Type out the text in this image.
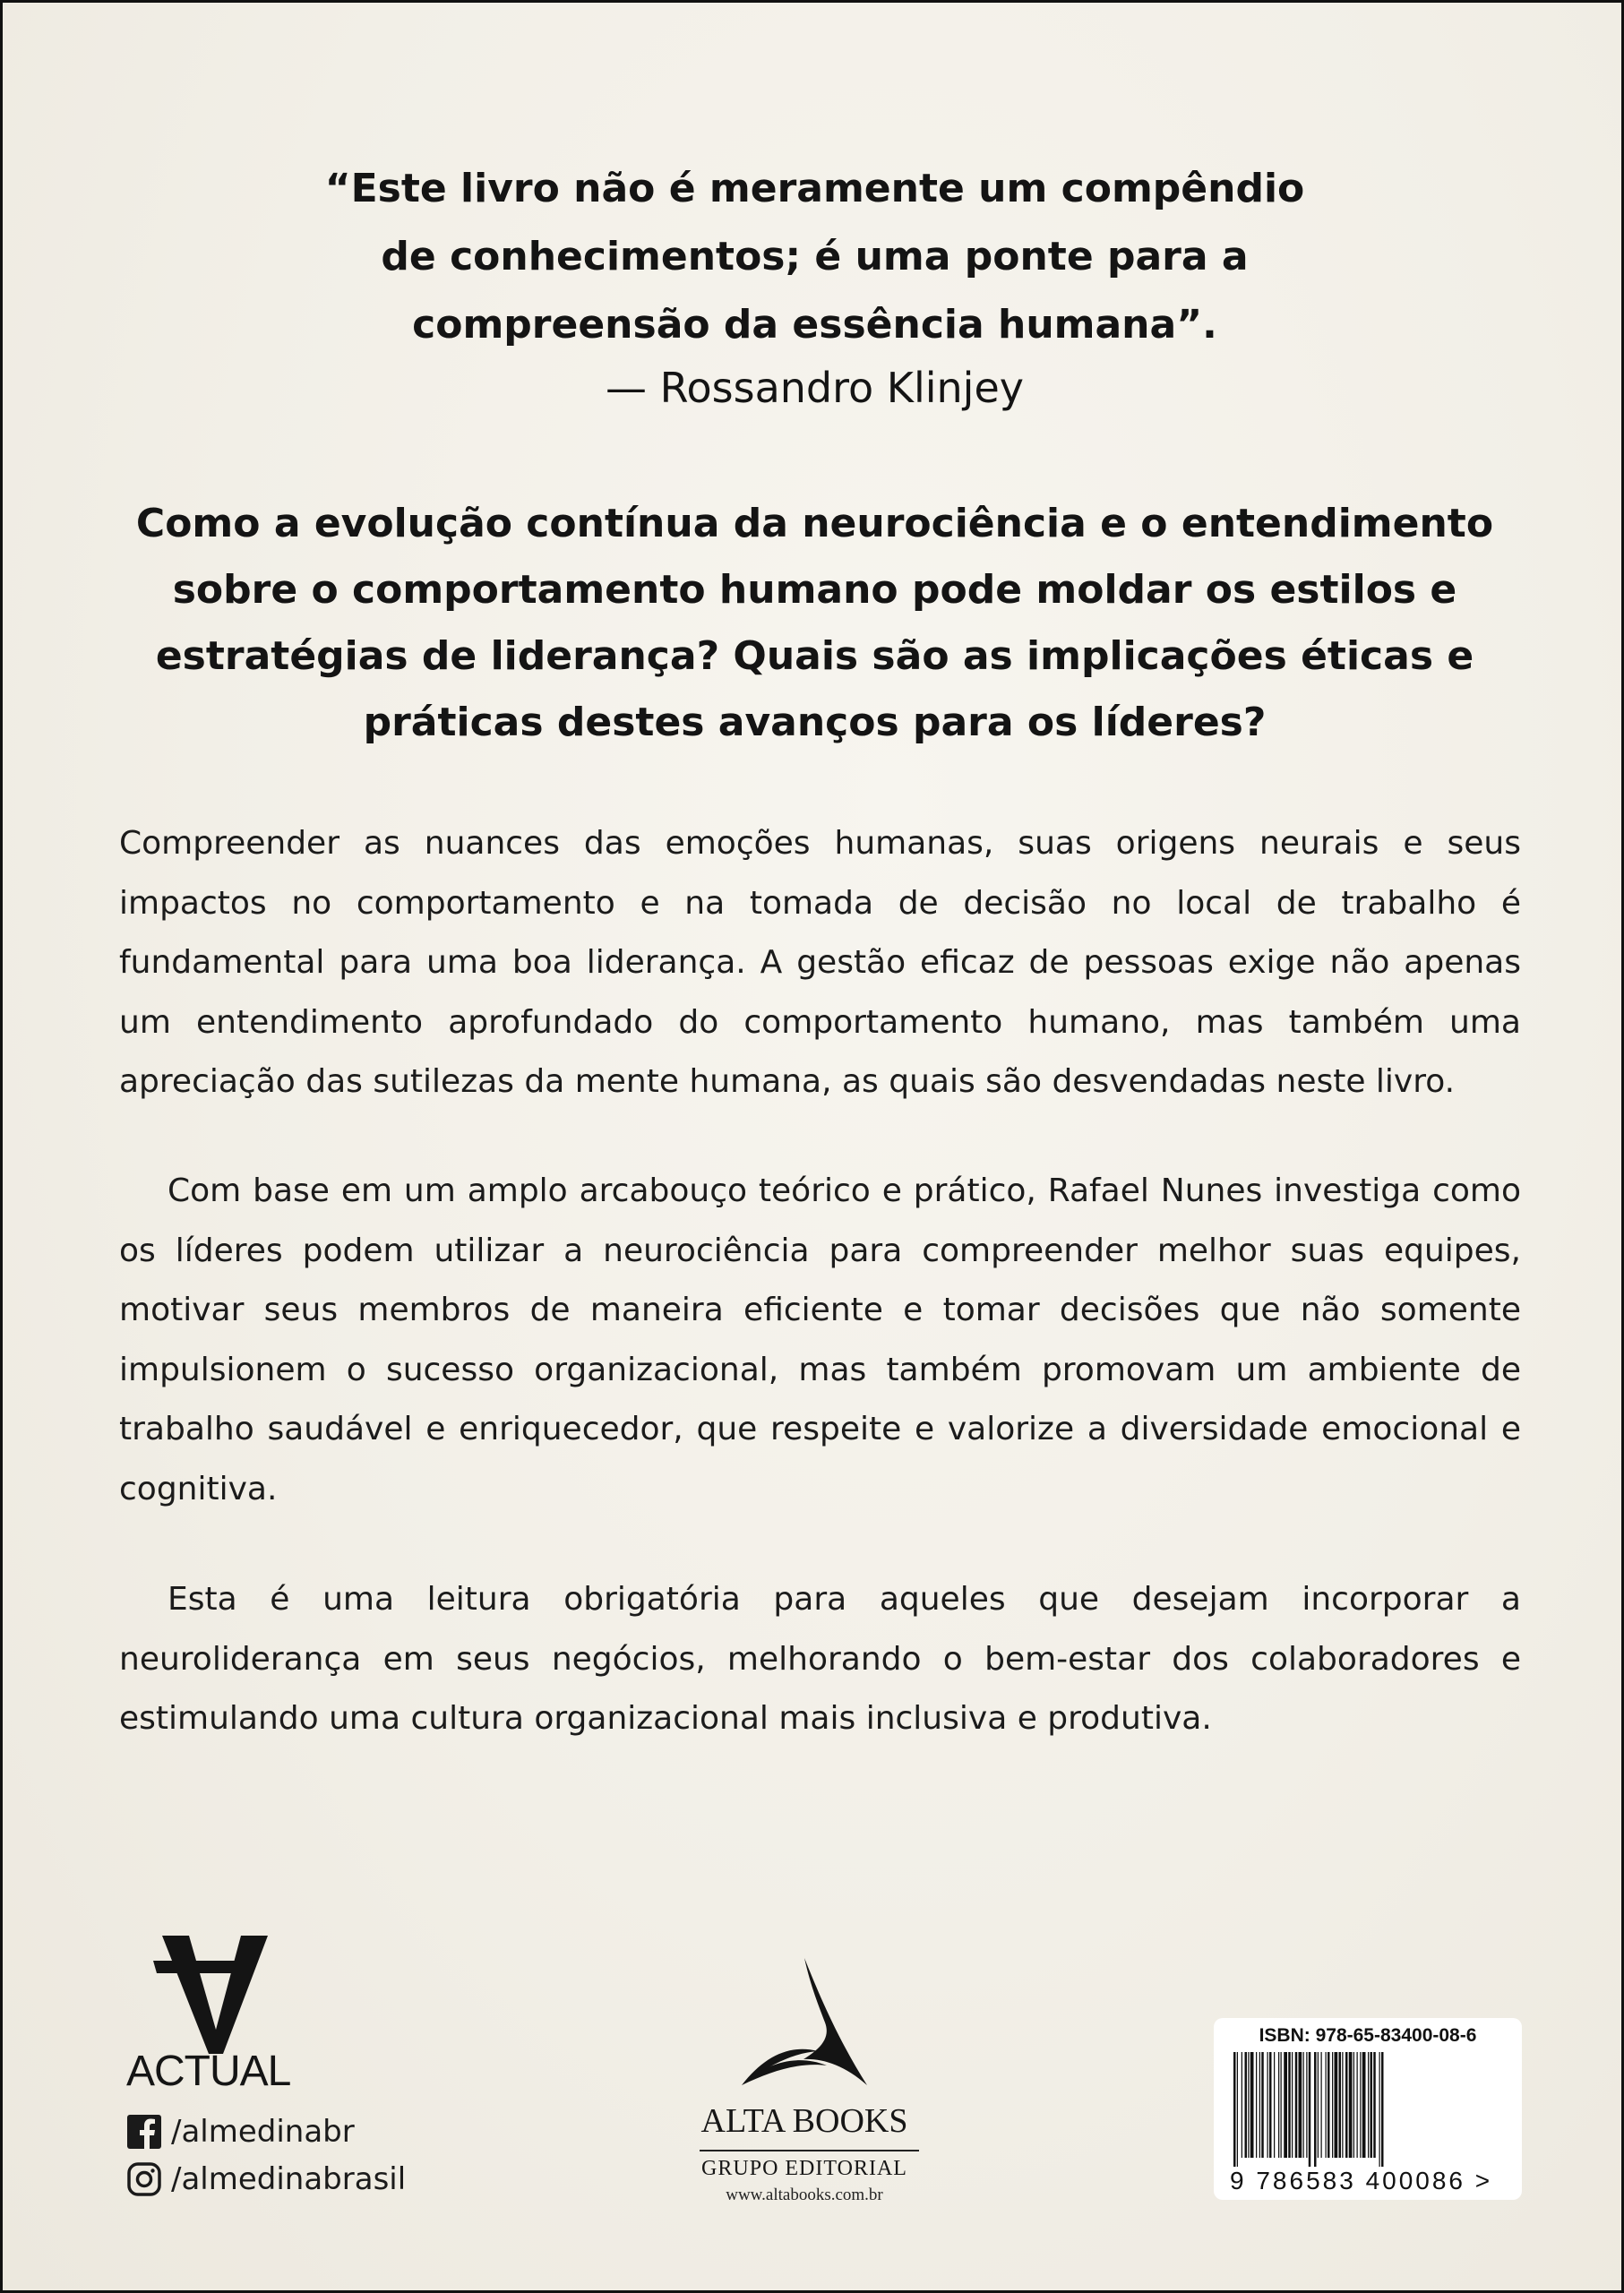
“Este livro não é meramente um compêndio
de conhecimentos; é uma ponte para a
compreensão da essência humana”.
— Rossandro Klinjey
Como a evolução contínua da neurociência e o entendimento
sobre o comportamento humano pode moldar os estilos e
estratégias de liderança? Quais são as implicações éticas e
práticas destes avanços para os líderes?
Compreender as nuances das emoções humanas, suas origens neurais e seus impactos no comportamento e na tomada de decisão no local de trabalho é fundamental para uma boa liderança. A gestão eficaz de pessoas exige não apenas um entendimento aprofundado do comportamento humano, mas também uma apreciação das sutilezas da mente humana, as quais são desvendadas neste livro.
Com base em um amplo arcabouço teórico e prático, Rafael Nunes investiga como os líderes podem utilizar a neurociência para compreender melhor suas equipes, motivar seus membros de maneira eficiente e tomar decisões que não somente impulsionem o sucesso organizacional, mas também promovam um ambiente de trabalho saudável e enriquecedor, que respeite e valorize a diversidade emocional e cognitiva.
Esta é uma leitura obrigatória para aqueles que desejam incorporar a neuroliderança em seus negócios, melhorando o bem-estar dos colaboradores e estimulando uma cultura organizacional mais inclusiva e produtiva.
ACTUAL
/almedinabr
/almedinabrasil
ALTA BOOKS
GRUPO EDITORIAL
www.altabooks.com.br
ISBN: 978-65-83400-08-6
9 786583 400086 >
